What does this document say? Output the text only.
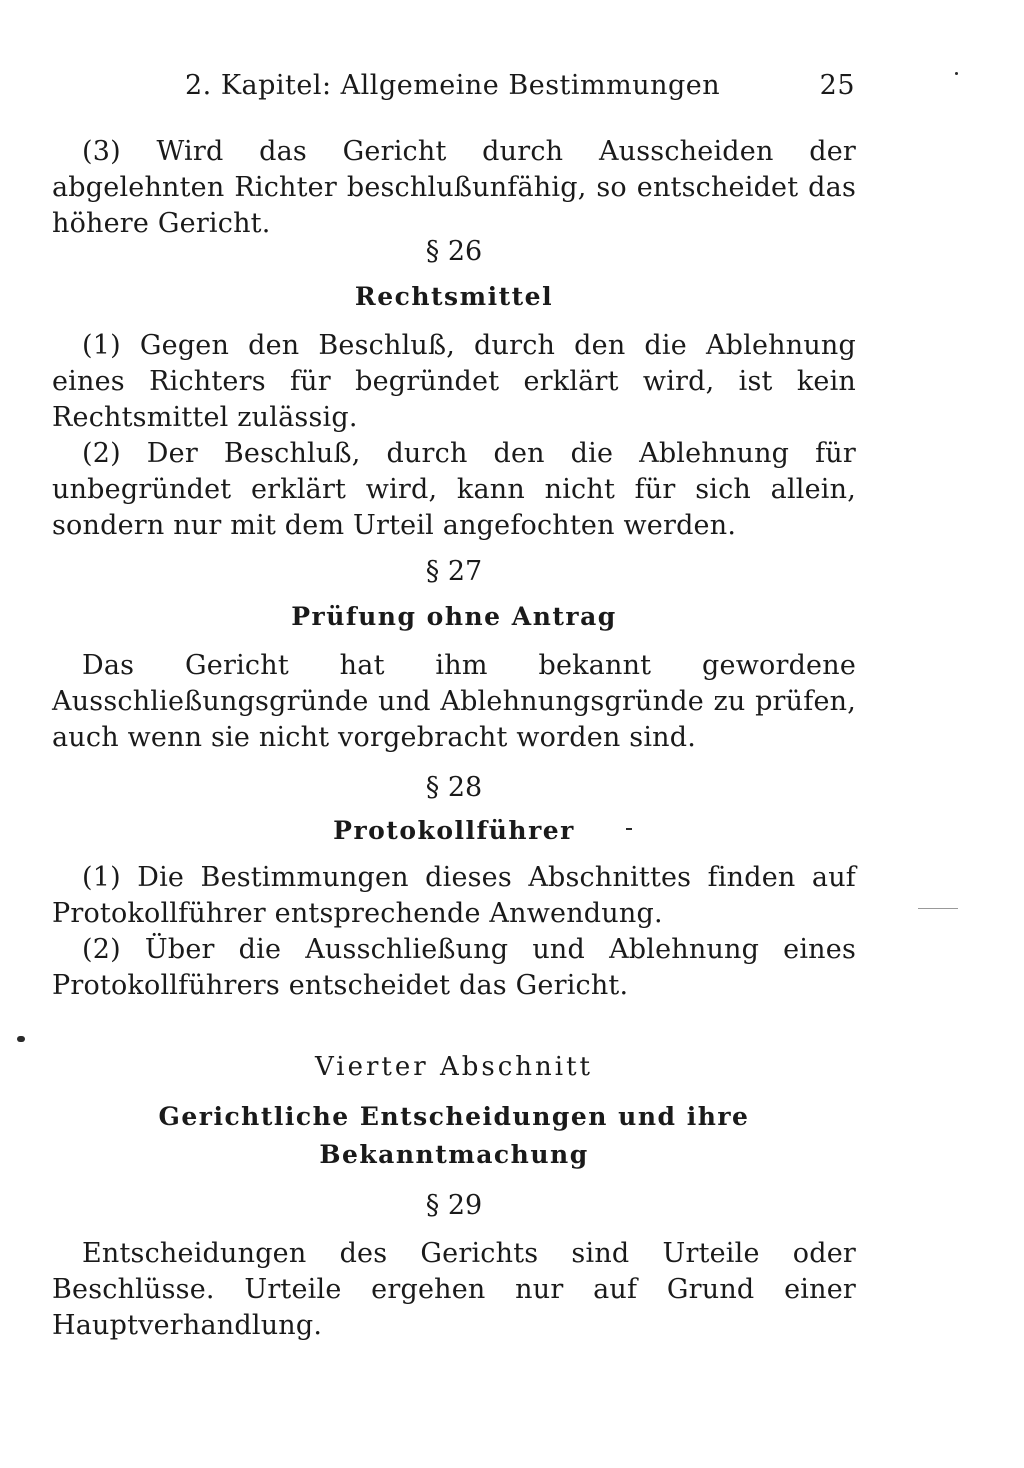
2. Kapitel: Allgemeine Bestimmungen	25

(3) Wird das Gericht durch Ausscheiden der abgelehnten Richter beschlußunfähig, so entscheidet das höhere Gericht.

§ 26
Rechtsmittel

(1) Gegen den Beschluß, durch den die Ablehnung eines Richters für begründet erklärt wird, ist kein Rechtsmittel zulässig.

(2) Der Beschluß, durch den die Ablehnung für unbegründet erklärt wird, kann nicht für sich allein, sondern nur mit dem Urteil angefochten werden.

§ 27
Prüfung ohne Antrag

Das Gericht hat ihm bekannt gewordene Ausschließungsgründe und Ablehnungsgründe zu prüfen, auch wenn sie nicht vorgebracht worden sind.

§ 28
Protokollführer

(1) Die Bestimmungen dieses Abschnittes finden auf Protokollführer entsprechende Anwendung.

(2) Über die Ausschließung und Ablehnung eines Protokollführers entscheidet das Gericht.

Vierter Abschnitt
Gerichtliche Entscheidungen und ihre
Bekanntmachung
§ 29

Entscheidungen des Gerichts sind Urteile oder Beschlüsse. Urteile ergehen nur auf Grund einer Hauptverhandlung.
